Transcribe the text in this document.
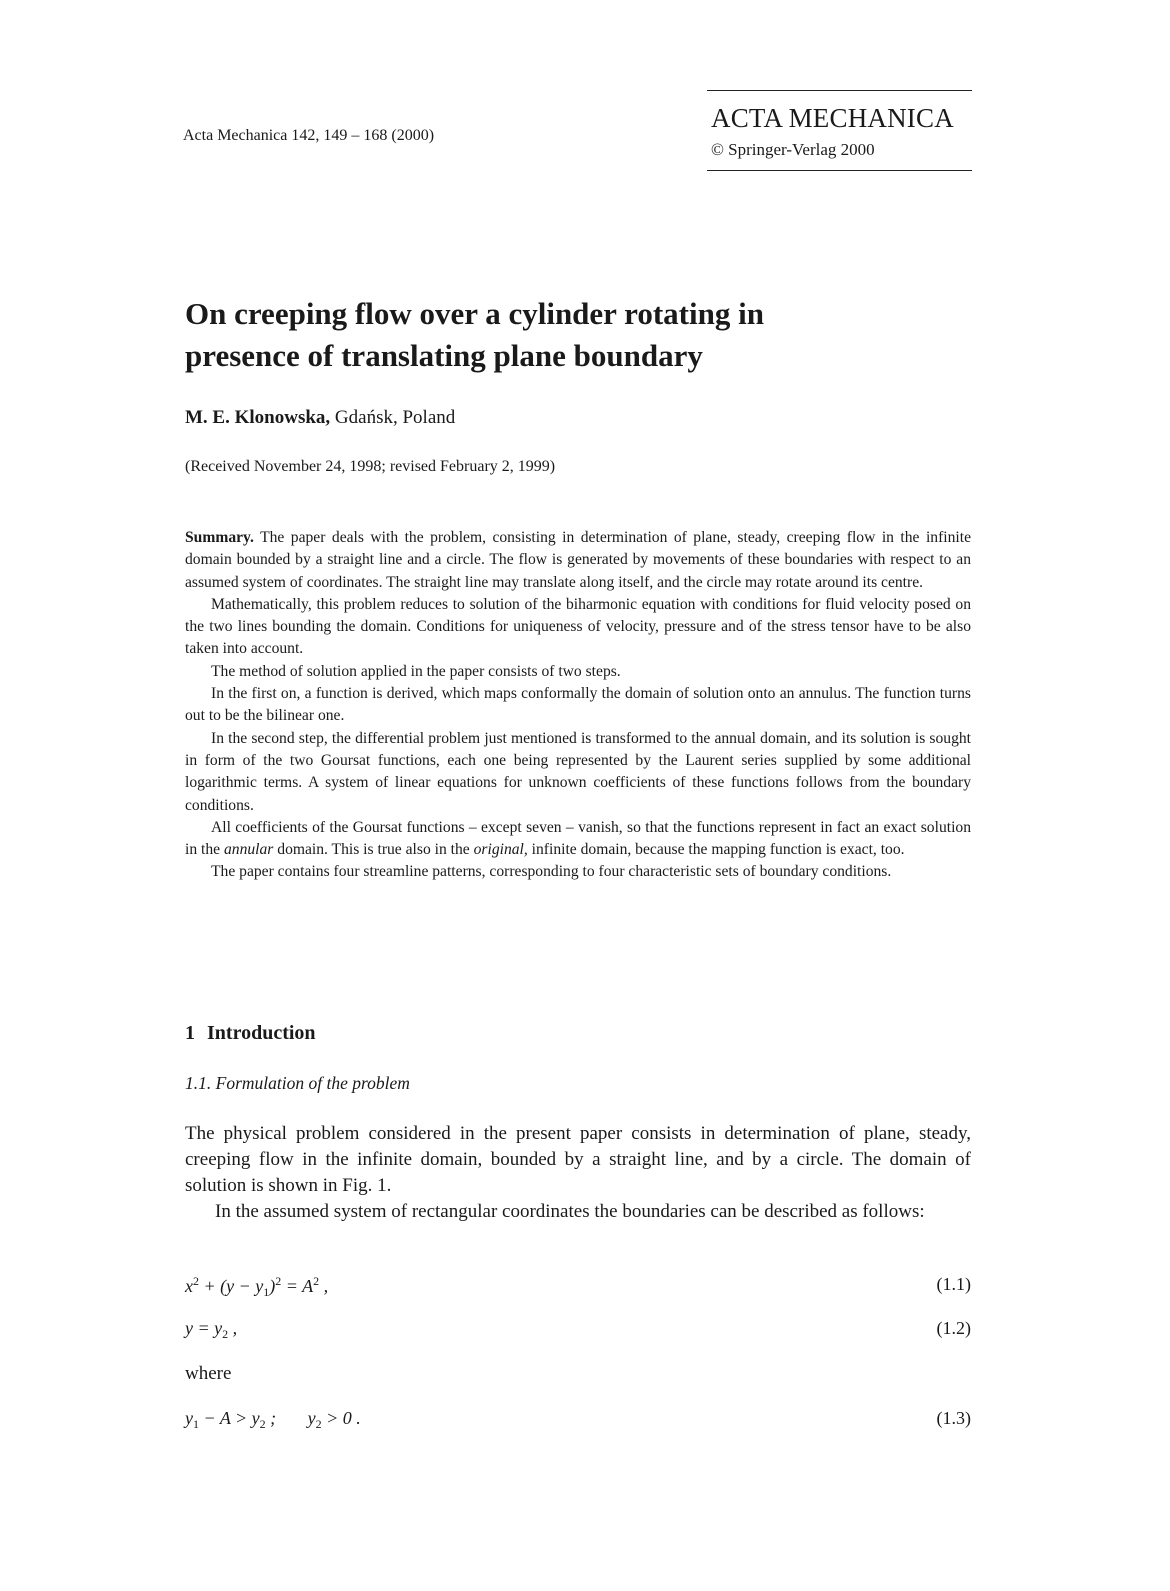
Acta Mechanica 142, 149 – 168 (2000)
ACTA MECHANICA
© Springer-Verlag 2000
On creeping flow over a cylinder rotating in
presence of translating plane boundary
M. E. Klonowska, Gdańsk, Poland
(Received November 24, 1998; revised February 2, 1999)

Summary. The paper deals with the problem, consisting in determination of plane, steady, creeping flow in the infinite domain bounded by a straight line and a circle. The flow is generated by movements of these boundaries with respect to an assumed system of coordinates. The straight line may translate along itself, and the circle may rotate around its centre.

Mathematically, this problem reduces to solution of the biharmonic equation with conditions for fluid velocity posed on the two lines bounding the domain. Conditions for uniqueness of velocity, pressure and of the stress tensor have to be also taken into account.

The method of solution applied in the paper consists of two steps.

In the first on, a function is derived, which maps conformally the domain of solution onto an annulus. The function turns out to be the bilinear one.

In the second step, the differential problem just mentioned is transformed to the annual domain, and its solution is sought in form of the two Goursat functions, each one being represented by the Laurent series supplied by some additional logarithmic terms. A system of linear equations for unknown coefficients of these functions follows from the boundary conditions.

All coefficients of the Goursat functions – except seven – vanish, so that the functions represent in fact an exact solution in the annular domain. This is true also in the original, infinite domain, because the mapping function is exact, too.

The paper contains four streamline patterns, corresponding to four characteristic sets of boundary conditions.

1 Introduction
1.1. Formulation of the problem

The physical problem considered in the present paper consists in determination of plane, steady, creeping flow in the infinite domain, bounded by a straight line, and by a circle. The domain of solution is shown in Fig. 1.

In the assumed system of rectangular coordinates the boundaries can be described as follows:

$x^2 + (y - y_1)^2 = A^2$ ,	(1.1)
$y = y_2$ ,	(1.2)
where
$y_1 - A > y_2$ ;       $y_2 > 0$ .	(1.3)
